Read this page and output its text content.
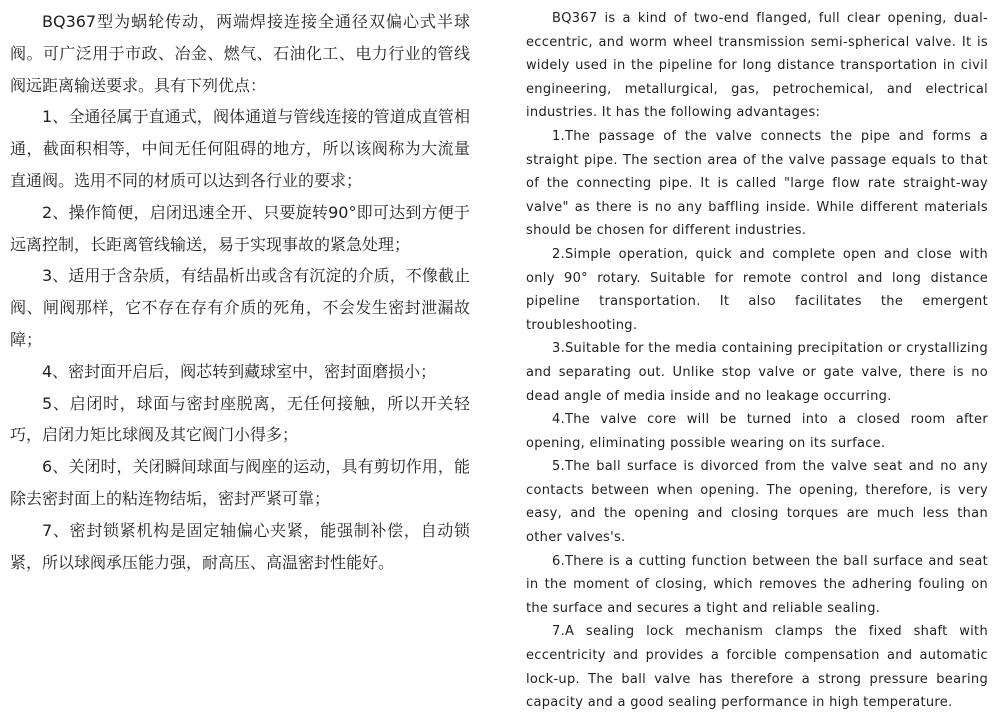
BQ367型为蜗轮传动，两端焊接连接全通径双偏心式半球阀。可广泛用于市政、冶金、燃气、石油化工、电力行业的管线阀远距离输送要求。具有下列优点：

1、全通径属于直通式，阀体通道与管线连接的管道成直管相通，截面积相等，中间无任何阻碍的地方，所以该阀称为大流量直通阀。选用不同的材质可以达到各行业的要求；

2、操作简便，启闭迅速全开、只要旋转90°即可达到方便于远离控制，长距离管线输送，易于实现事故的紧急处理；

3、适用于含杂质，有结晶析出或含有沉淀的介质，不像截止阀、闸阀那样，它不存在存有介质的死角，不会发生密封泄漏故障；

4、密封面开启后，阀芯转到藏球室中，密封面磨损小；

5、启闭时，球面与密封座脱离，无任何接触，所以开关轻巧，启闭力矩比球阀及其它阀门小得多；

6、关闭时，关闭瞬间球面与阀座的运动，具有剪切作用，能除去密封面上的粘连物结垢，密封严紧可靠；

7、密封锁紧机构是固定轴偏心夹紧，能强制补偿，自动锁紧，所以球阀承压能力强，耐高压、高温密封性能好。

BQ367 is a kind of two-end flanged, full clear opening, dual-eccentric, and worm wheel transmission semi-spherical valve. It is widely used in the pipeline for long distance transportation in civil engineering, metallurgical, gas, petrochemical, and electrical industries. It has the following advantages:

1.The passage of the valve connects the pipe and forms a straight pipe. The section area of the valve passage equals to that of the connecting pipe. It is called "large flow rate straight-way valve" as there is no any baffling inside. While different materials should be chosen for different industries.

2.Simple operation, quick and complete open and close with only 90° rotary. Suitable for remote control and long distance pipeline transportation. It also facilitates the emergent troubleshooting.

3.Suitable for the media containing precipitation or crystallizing and separating out. Unlike stop valve or gate valve, there is no dead angle of media inside and no leakage occurring.

4.The valve core will be turned into a closed room after opening, eliminating possible wearing on its surface.

5.The ball surface is divorced from the valve seat and no any contacts between when opening. The opening, therefore, is very easy, and the opening and closing torques are much less than other valves's.

6.There is a cutting function between the ball surface and seat in the moment of closing, which removes the adhering fouling on the surface and secures a tight and reliable sealing.

7.A sealing lock mechanism clamps the fixed shaft with eccentricity and provides a forcible compensation and automatic lock-up. The ball valve has therefore a strong pressure bearing capacity and a good sealing performance in high temperature.
